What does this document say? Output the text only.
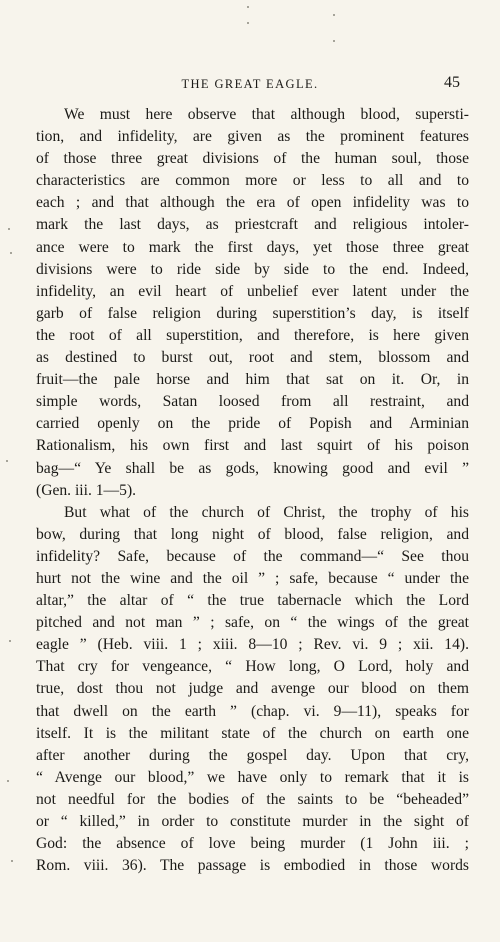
THE GREAT EAGLE.	45
We must here observe that although blood, supersti-
tion, and infidelity, are given as the prominent features
of those three great divisions of the human soul, those
characteristics are common more or less to all and to
each ; and that although the era of open infidelity was to
mark the last days, as priestcraft and religious intoler-
ance were to mark the first days, yet those three great
divisions were to ride side by side to the end. Indeed,
infidelity, an evil heart of unbelief ever latent under the
garb of false religion during superstition’s day, is itself
the root of all superstition, and therefore, is here given
as destined to burst out, root and stem, blossom and
fruit—the pale horse and him that sat on it. Or, in
simple words, Satan loosed from all restraint, and
carried openly on the pride of Popish and Arminian
Rationalism, his own first and last squirt of his poison
bag—“ Ye shall be as gods, knowing good and evil ”
(Gen. iii. 1—5).
But what of the church of Christ, the trophy of his
bow, during that long night of blood, false religion, and
infidelity? Safe, because of the command—“ See thou
hurt not the wine and the oil ” ; safe, because “ under the
altar,” the altar of “ the true tabernacle which the Lord
pitched and not man ” ; safe, on “ the wings of the great
eagle ” (Heb. viii. 1 ; xiii. 8—10 ; Rev. vi. 9 ; xii. 14).
That cry for vengeance, “ How long, O Lord, holy and
true, dost thou not judge and avenge our blood on them
that dwell on the earth ” (chap. vi. 9—11), speaks for
itself. It is the militant state of the church on earth one
after another during the gospel day. Upon that cry,
“ Avenge our blood,” we have only to remark that it is
not needful for the bodies of the saints to be “beheaded”
or “ killed,” in order to constitute murder in the sight of
God: the absence of love being murder (1 John iii. ;
Rom. viii. 36). The passage is embodied in those words
